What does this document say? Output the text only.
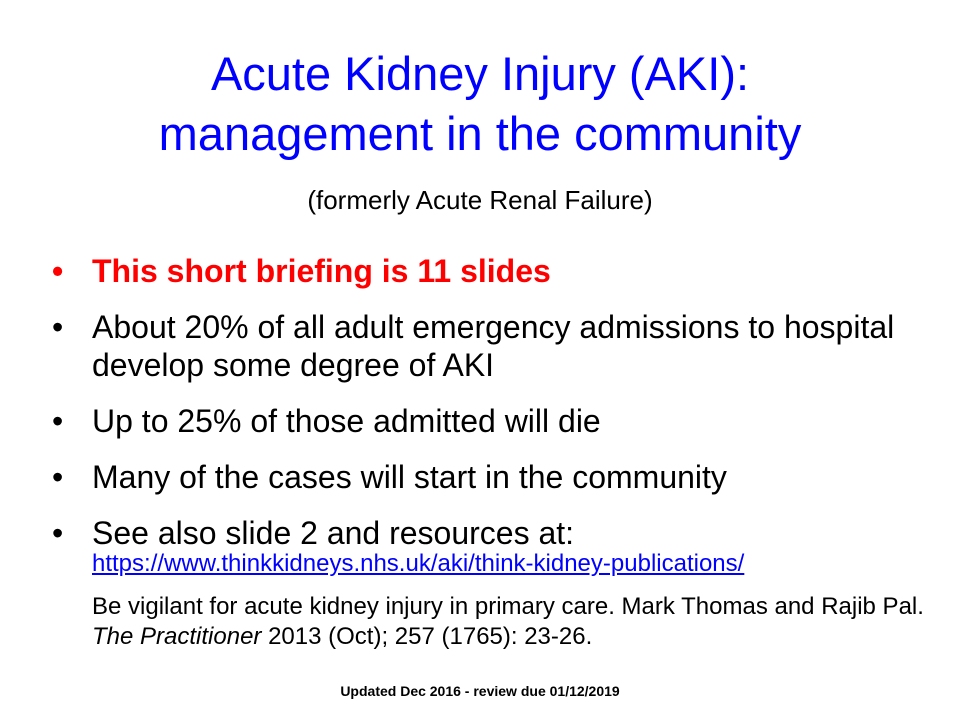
Acute Kidney Injury (AKI):
management in the community
(formerly Acute Renal Failure)
• This short briefing is 11 slides
• About 20% of all adult emergency admissions to hospital develop some degree of AKI
• Up to 25% of those admitted will die
• Many of the cases will start in the community
• See also slide 2 and resources at:
https://www.thinkkidneys.nhs.uk/aki/think-kidney-publications/
Be vigilant for acute kidney injury in primary care. Mark Thomas and Rajib Pal. The Practitioner 2013 (Oct); 257 (1765): 23-26.
Updated Dec 2016 - review due 01/12/2019
